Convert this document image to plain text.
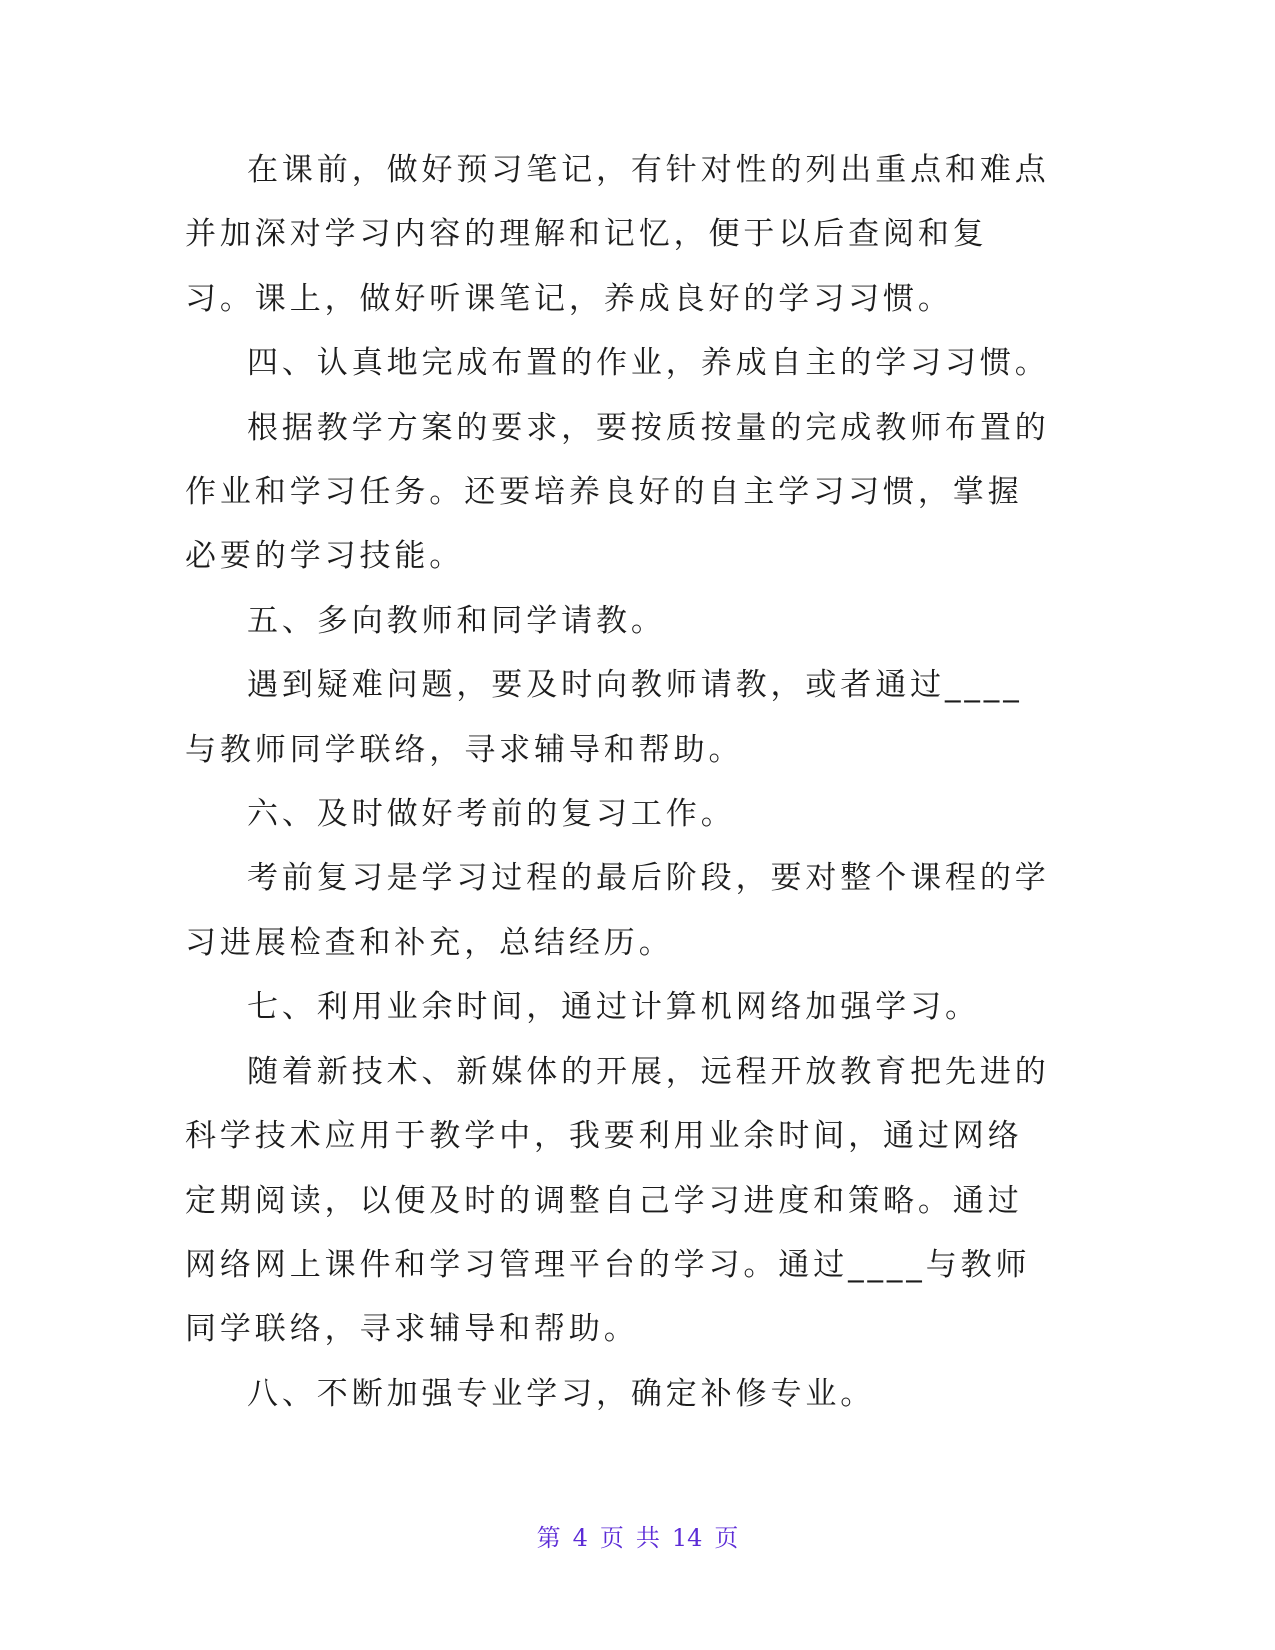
在课前，做好预习笔记，有针对性的列出重点和难点并加深对学习内容的理解和记忆，便于以后查阅和复习。课上，做好听课笔记，养成良好的学习习惯。

四、认真地完成布置的作业，养成自主的学习习惯。

根据教学方案的要求，要按质按量的完成教师布置的作业和学习任务。还要培养良好的自主学习习惯，掌握必要的学习技能。

五、多向教师和同学请教。

遇到疑难问题，要及时向教师请教，或者通过____与教师同学联络，寻求辅导和帮助。

六、及时做好考前的复习工作。

考前复习是学习过程的最后阶段，要对整个课程的学习进展检查和补充，总结经历。

七、利用业余时间，通过计算机网络加强学习。

随着新技术、新媒体的开展，远程开放教育把先进的科学技术应用于教学中，我要利用业余时间，通过网络定期阅读，以便及时的调整自己学习进度和策略。通过网络网上课件和学习管理平台的学习。通过____与教师同学联络，寻求辅导和帮助。

八、不断加强专业学习，确定补修专业。

第 4 页 共 14 页
